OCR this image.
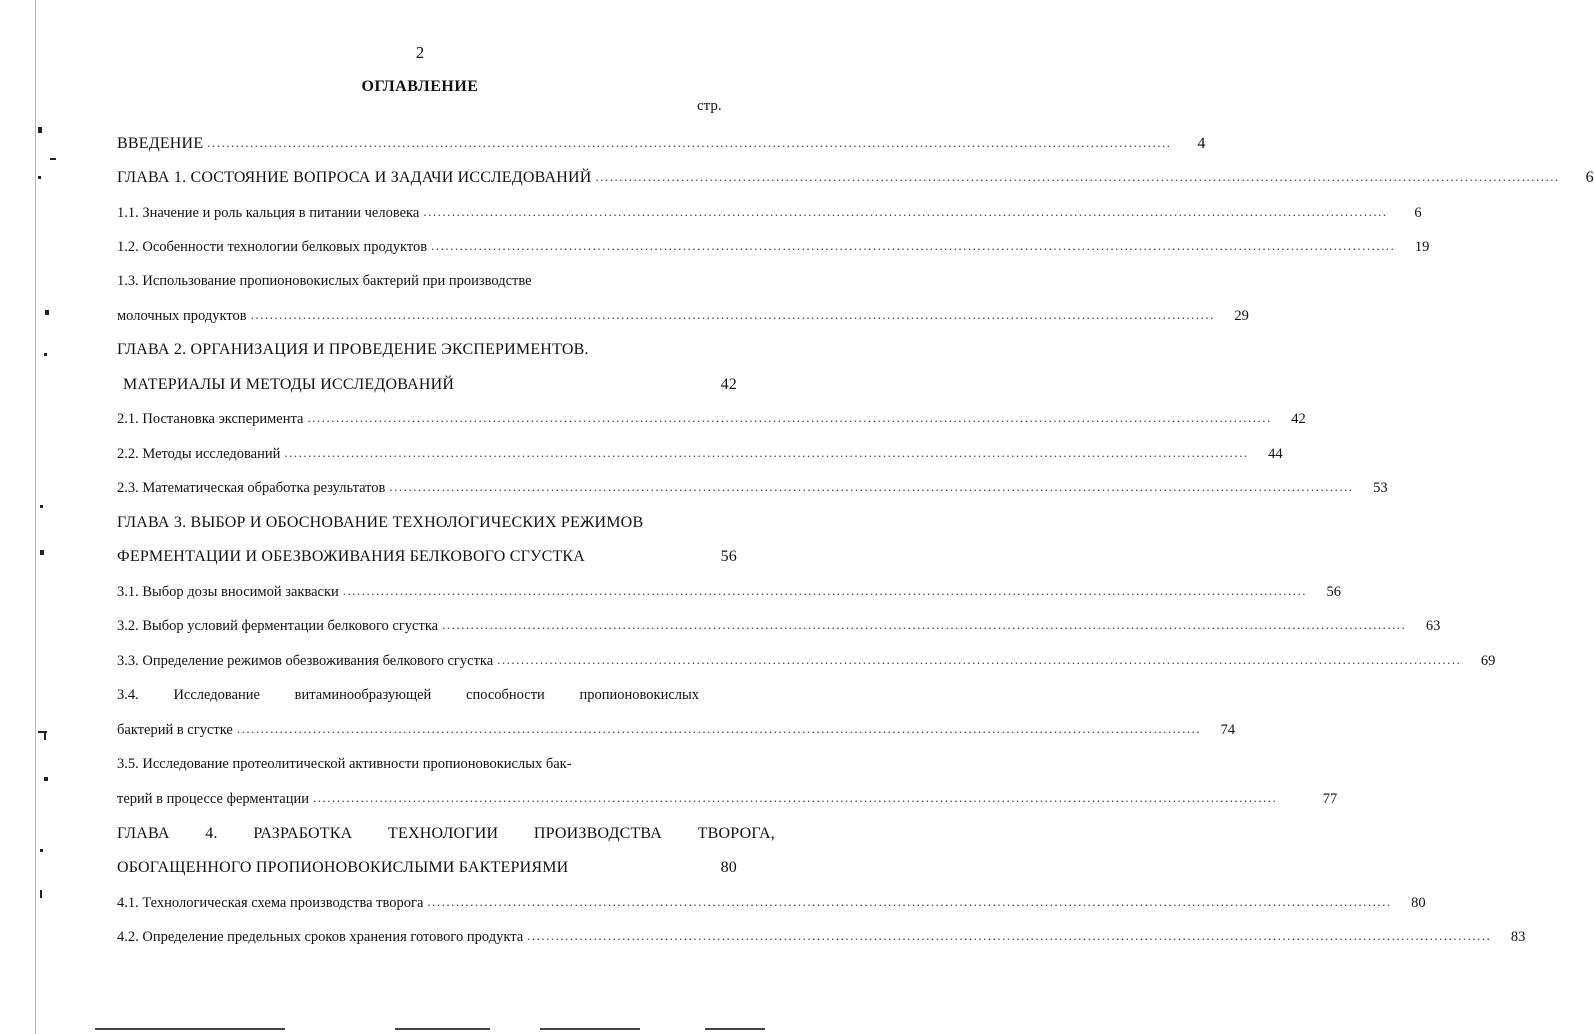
2
ОГЛАВЛЕНИЕ
стр.
ВВЕДЕНИЕ ...........................................................................................................................................................................................................	4
ГЛАВА 1. СОСТОЯНИЕ ВОПРОСА И ЗАДАЧИ ИССЛЕДОВАНИЙ ...........................................................................................................................................................................................................	6
1.1. Значение и роль кальция в питании человека ...........................................................................................................................................................................................................	6
1.2. Особенности технологии белковых продуктов ...........................................................................................................................................................................................................	19
1.3. Использование пропионовокислых бактерий при производстве
молочных продуктов ...........................................................................................................................................................................................................	29
ГЛАВА 2. ОРГАНИЗАЦИЯ И ПРОВЕДЕНИЕ ЭКСПЕРИМЕНТОВ.
МАТЕРИАЛЫ И МЕТОДЫ ИССЛЕДОВАНИЙ	42
2.1. Постановка эксперимента ...........................................................................................................................................................................................................	42
2.2. Методы исследований ...........................................................................................................................................................................................................	44
2.3. Математическая обработка результатов ...........................................................................................................................................................................................................	53
ГЛАВА 3. ВЫБОР И ОБОСНОВАНИЕ ТЕХНОЛОГИЧЕСКИХ РЕЖИМОВ
ФЕРМЕНТАЦИИ И ОБЕЗВОЖИВАНИЯ БЕЛКОВОГО СГУСТКА	56
3.1. Выбор дозы вносимой закваски ...........................................................................................................................................................................................................	56
3.2. Выбор условий ферментации белкового сгустка ...........................................................................................................................................................................................................	63
3.3. Определение режимов обезвоживания белкового сгустка ...........................................................................................................................................................................................................	69
3.4. Исследование витаминообразующей способности пропионовокислых
бактерий в сгустке ...........................................................................................................................................................................................................	74
3.5. Исследование протеолитической активности пропионовокислых бак-
терий в процессе ферментации ...........................................................................................................................................................................................................	77
ГЛАВА 4. РАЗРАБОТКА ТЕХНОЛОГИИ ПРОИЗВОДСТВА ТВОРОГА,
ОБОГАЩЕННОГО ПРОПИОНОВОКИСЛЫМИ БАКТЕРИЯМИ	80
4.1. Технологическая схема производства творога ...........................................................................................................................................................................................................	80
4.2. Определение предельных сроков хранения готового продукта ...........................................................................................................................................................................................................	83
